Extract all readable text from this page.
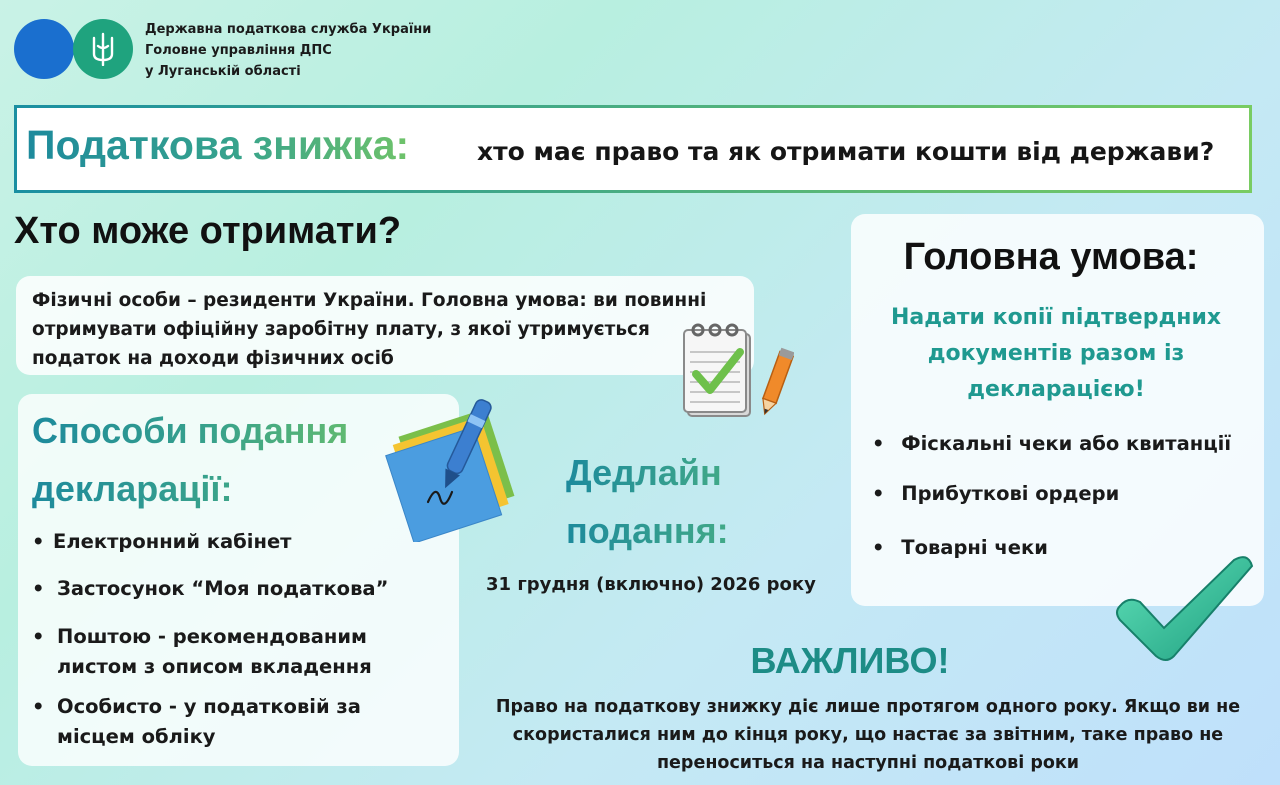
Державна податкова служба України
Головне управління ДПС
у Луганській області
Податкова знижка:	хто має право та як отримати кошти від держави?
Хто може отримати?
Фізичні особи – резиденти України. Головна умова: ви повинні отримувати офіційну заробітну плату, з якої утримується податок на доходи фізичних осіб
Способи подання декларації:
• Електронний кабінет
• Застосунок “Моя податкова”
• Поштою - рекомендованим листом з описом вкладення
• Особисто - у податковій за місцем обліку
Дедлайн подання:
31 грудня (включно) 2026 року
Головна умова:
Надати копії підтвердних документів разом із декларацією!
• Фіскальні чеки або квитанції
• Прибуткові ордери
• Товарні чеки
ВАЖЛИВО!
Право на податкову знижку діє лише протягом одного року. Якщо ви не скористалися ним до кінця року, що настає за звітним, таке право не переноситься на наступні податкові роки
